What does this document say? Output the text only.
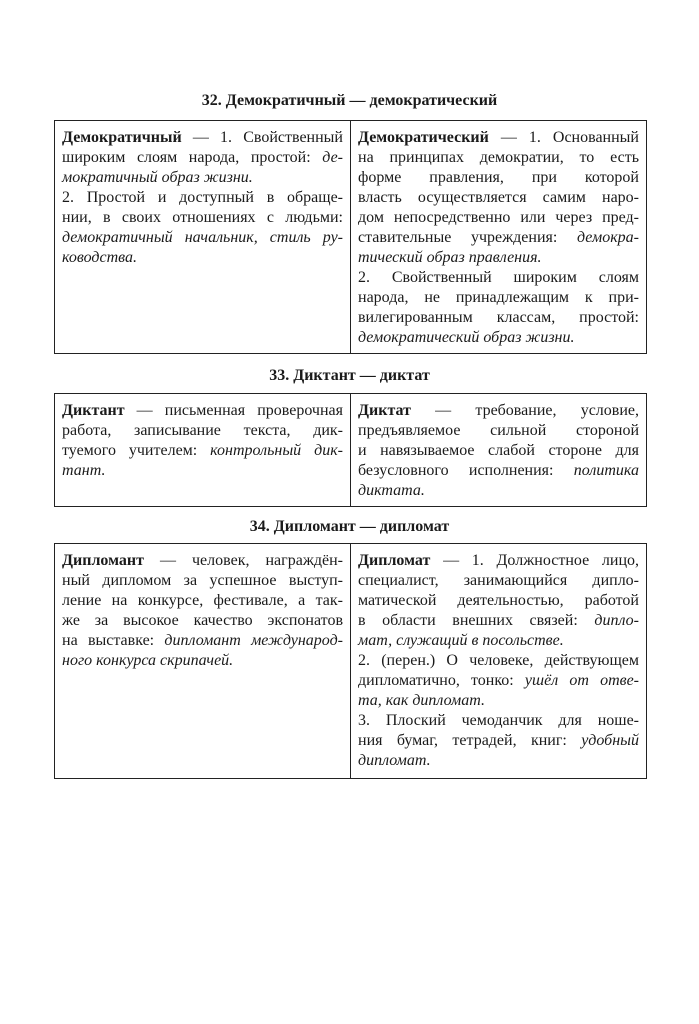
32. Демократичный — демократический
Демократичный — 1. Свойственный
широким слоям народа, простой: де-
мократичный образ жизни.
2. Простой и доступный в обраще-
нии, в своих отношениях с людьми:
демократичный начальник, стиль ру-
ководства.
Демократический — 1. Основанный
на принципах демократии, то есть
форме правления, при которой
власть осуществляется самим наро-
дом непосредственно или через пред-
ставительные учреждения: демокра-
тический образ правления.
2. Свойственный широким слоям
народа, не принадлежащим к при-
вилегированным классам, простой:
демократический образ жизни.
33. Диктант — диктат
Диктант — письменная проверочная
работа, записывание текста, дик-
туемого учителем: контрольный дик-
тант.
Диктат — требование, условие,
предъявляемое сильной стороной
и навязываемое слабой стороне для
безусловного исполнения: политика
диктата.
34. Дипломант — дипломат
Дипломант — человек, награждён-
ный дипломом за успешное выступ-
ление на конкурсе, фестивале, а так-
же за высокое качество экспонатов
на выставке: дипломант международ-
ного конкурса скрипачей.
Дипломат — 1. Должностное лицо,
специалист, занимающийся дипло-
матической деятельностью, работой
в области внешних связей: дипло-
мат, служащий в посольстве.
2. (перен.) О человеке, действующем
дипломатично, тонко: ушёл от отве-
та, как дипломат.
3. Плоский чемоданчик для ноше-
ния бумаг, тетрадей, книг: удобный
дипломат.
